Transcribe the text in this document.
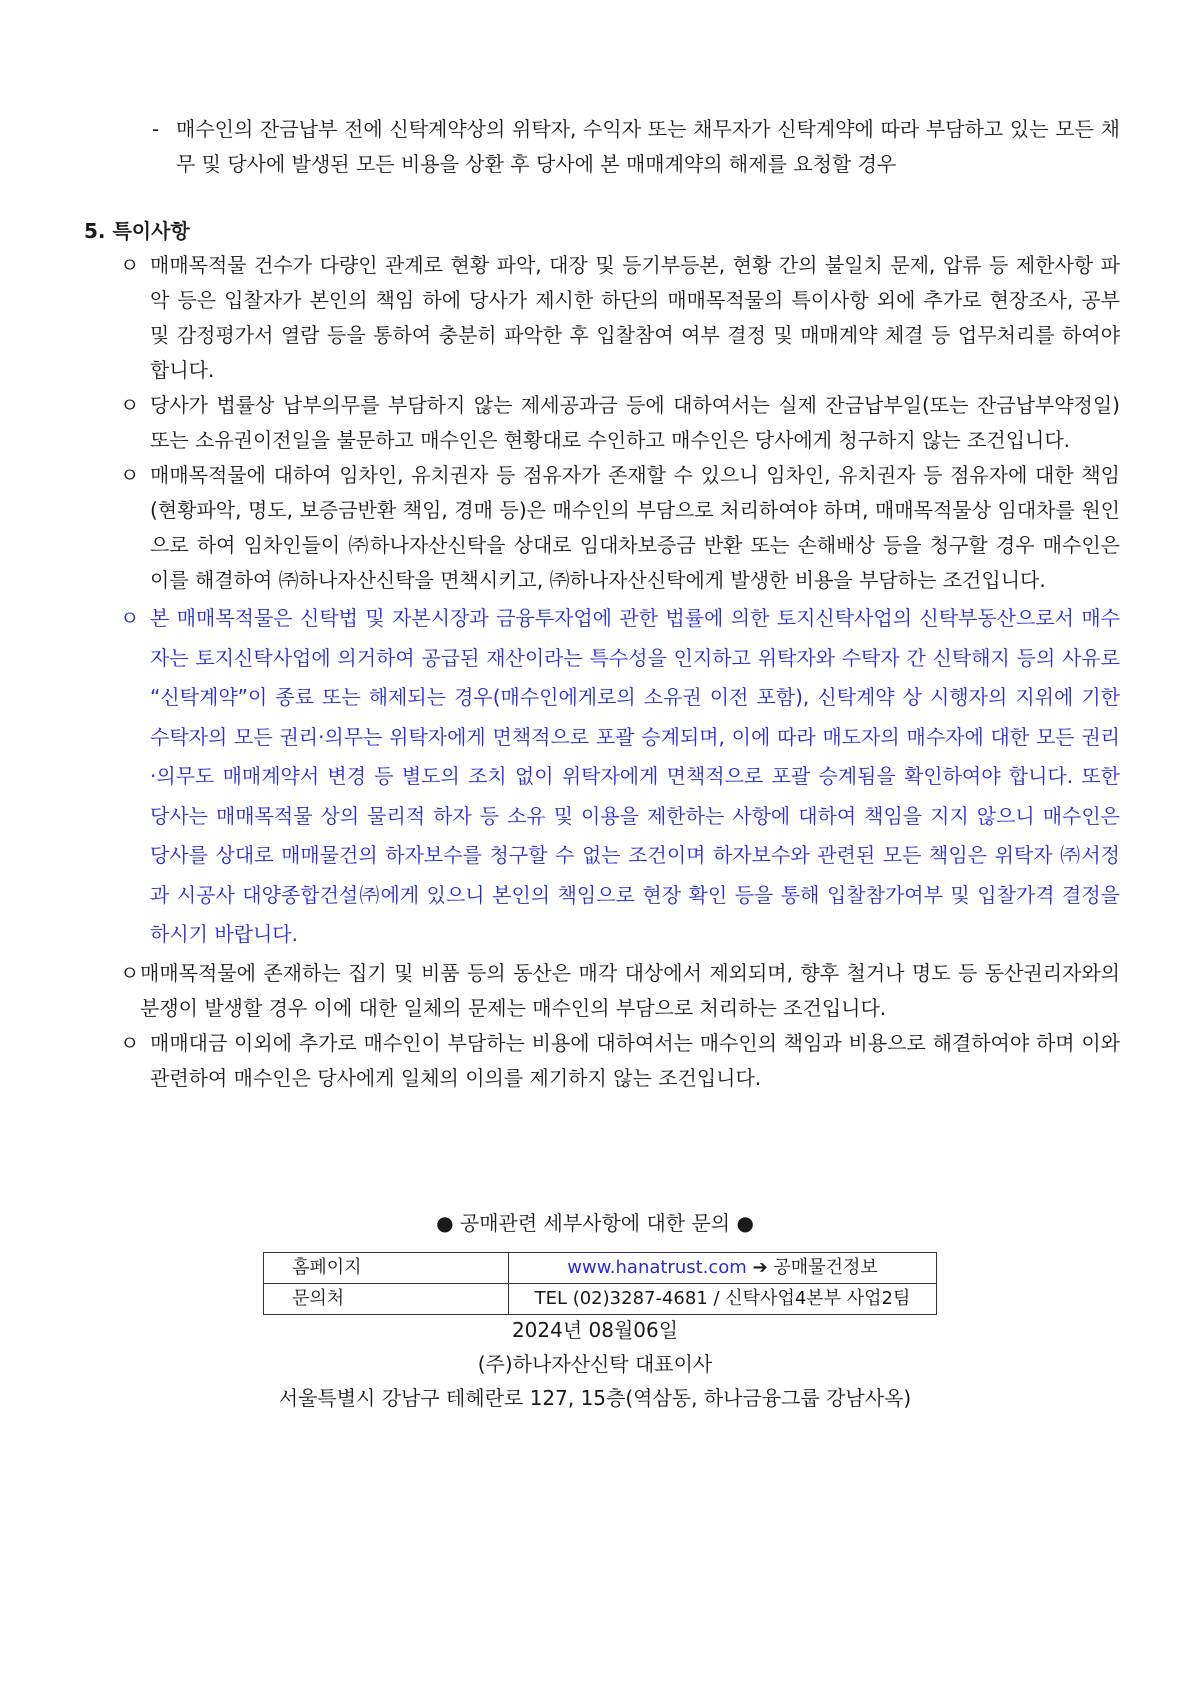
- 매수인의 잔금납부 전에 신탁계약상의 위탁자, 수익자 또는 채무자가 신탁계약에 따라 부담하고 있는 모든 채무 및 당사에 발생된 모든 비용을 상환 후 당사에 본 매매계약의 해제를 요청할 경우
5. 특이사항
ㅇ 매매목적물 건수가 다량인 관계로 현황 파악, 대장 및 등기부등본, 현황 간의 불일치 문제, 압류 등 제한사항 파악 등은 입찰자가 본인의 책임 하에 당사가 제시한 하단의 매매목적물의 특이사항 외에 추가로 현장조사, 공부 및 감정평가서 열람 등을 통하여 충분히 파악한 후 입찰참여 여부 결정 및 매매계약 체결 등 업무처리를 하여야 합니다.
ㅇ 당사가 법률상 납부의무를 부담하지 않는 제세공과금 등에 대하여서는 실제 잔금납부일(또는 잔금납부약정일) 또는 소유권이전일을 불문하고 매수인은 현황대로 수인하고 매수인은 당사에게 청구하지 않는 조건입니다.
ㅇ 매매목적물에 대하여 임차인, 유치권자 등 점유자가 존재할 수 있으니 임차인, 유치권자 등 점유자에 대한 책임(현황파악, 명도, 보증금반환 책임, 경매 등)은 매수인의 부담으로 처리하여야 하며, 매매목적물상 임대차를 원인으로 하여 임차인들이 ㈜하나자산신탁을 상대로 임대차보증금 반환 또는 손해배상 등을 청구할 경우 매수인은 이를 해결하여 ㈜하나자산신탁을 면책시키고, ㈜하나자산신탁에게 발생한 비용을 부담하는 조건입니다.
ㅇ 본 매매목적물은 신탁법 및 자본시장과 금융투자업에 관한 법률에 의한 토지신탁사업의 신탁부동산으로서 매수자는 토지신탁사업에 의거하여 공급된 재산이라는 특수성을 인지하고 위탁자와 수탁자 간 신탁해지 등의 사유로 “신탁계약”이 종료 또는 해제되는 경우(매수인에게로의 소유권 이전 포함), 신탁계약 상 시행자의 지위에 기한 수탁자의 모든 권리·의무는 위탁자에게 면책적으로 포괄 승계되며, 이에 따라 매도자의 매수자에 대한 모든 권리·의무도 매매계약서 변경 등 별도의 조치 없이 위탁자에게 면책적으로 포괄 승계됨을 확인하여야 합니다. 또한 당사는 매매목적물 상의 물리적 하자 등 소유 및 이용을 제한하는 사항에 대하여 책임을 지지 않으니 매수인은 당사를 상대로 매매물건의 하자보수를 청구할 수 없는 조건이며 하자보수와 관련된 모든 책임은 위탁자 ㈜서정과 시공사 대양종합건설㈜에게 있으니 본인의 책임으로 현장 확인 등을 통해 입찰참가여부 및 입찰가격 결정을 하시기 바랍니다.
ㅇ 매매목적물에 존재하는 집기 및 비품 등의 동산은 매각 대상에서 제외되며, 향후 철거나 명도 등 동산권리자와의 분쟁이 발생할 경우 이에 대한 일체의 문제는 매수인의 부담으로 처리하는 조건입니다.
ㅇ 매매대금 이외에 추가로 매수인이 부담하는 비용에 대하여서는 매수인의 책임과 비용으로 해결하여야 하며 이와 관련하여 매수인은 당사에게 일체의 이의를 제기하지 않는 조건입니다.
● 공매관련 세부사항에 대한 문의 ●
홈페이지	www.hanatrust.com ➔ 공매물건정보
문의처	TEL (02)3287-4681 / 신탁사업4본부 사업2팀
2024년 08월06일
(주)하나자산신탁 대표이사
서울특별시 강남구 테헤란로 127, 15층(역삼동, 하나금융그룹 강남사옥)
